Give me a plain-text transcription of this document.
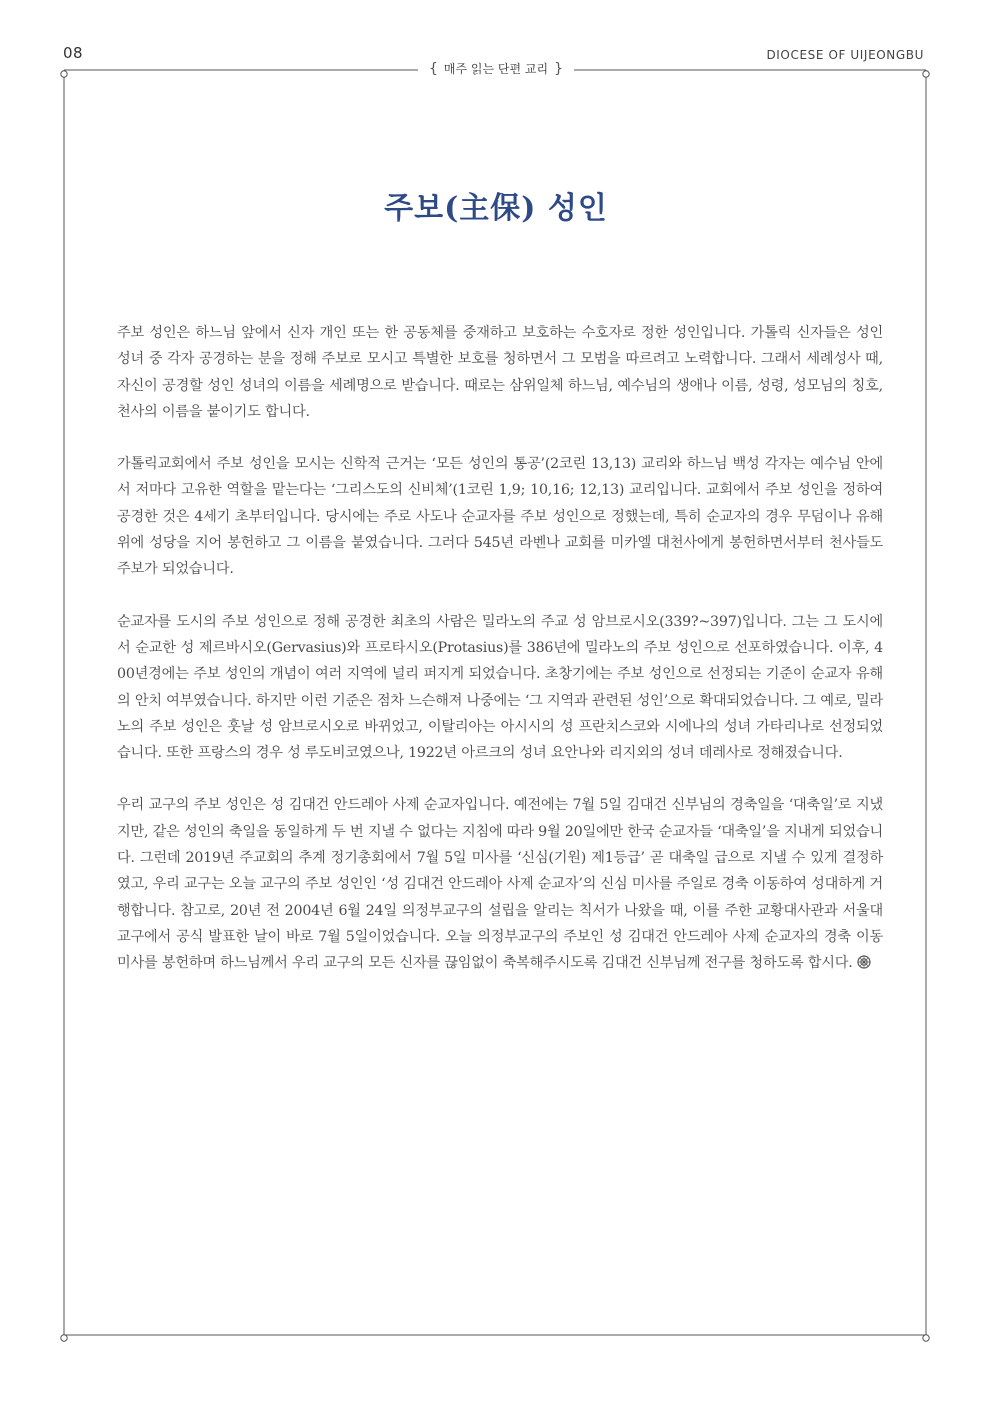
08	DIOCESE OF UIJEONGBU
{ 매주 읽는 단편 교리 }
주보(主保) 성인

주보 성인은 하느님 앞에서 신자 개인 또는 한 공동체를 중재하고 보호하는 수호자로 정한 성인입니다. 가톨릭 신자들은 성인 성녀 중 각자 공경하는 분을 정해 주보로 모시고 특별한 보호를 청하면서 그 모범을 따르려고 노력합니다. 그래서 세례성사 때, 자신이 공경할 성인 성녀의 이름을 세례명으로 받습니다. 때로는 삼위일체 하느님, 예수님의 생애나 이름, 성령, 성모님의 칭호, 천사의 이름을 붙이기도 합니다.

가톨릭교회에서 주보 성인을 모시는 신학적 근거는 ‘모든 성인의 통공’(2코린 13,13) 교리와 하느님 백성 각자는 예수님 안에서 저마다 고유한 역할을 맡는다는 ‘그리스도의 신비체’(1코린 1,9; 10,16; 12,13) 교리입니다. 교회에서 주보 성인을 정하여 공경한 것은 4세기 초부터입니다. 당시에는 주로 사도나 순교자를 주보 성인으로 정했는데, 특히 순교자의 경우 무덤이나 유해 위에 성당을 지어 봉헌하고 그 이름을 붙였습니다. 그러다 545년 라벤나 교회를 미카엘 대천사에게 봉헌하면서부터 천사들도 주보가 되었습니다.

순교자를 도시의 주보 성인으로 정해 공경한 최초의 사람은 밀라노의 주교 성 암브로시오(339?~397)입니다. 그는 그 도시에서 순교한 성 제르바시오(Gervasius)와 프로타시오(Protasius)를 386년에 밀라노의 주보 성인으로 선포하였습니다. 이후, 400년경에는 주보 성인의 개념이 여러 지역에 널리 퍼지게 되었습니다. 초창기에는 주보 성인으로 선정되는 기준이 순교자 유해의 안치 여부였습니다. 하지만 이런 기준은 점차 느슨해져 나중에는 ‘그 지역과 관련된 성인’으로 확대되었습니다. 그 예로, 밀라노의 주보 성인은 훗날 성 암브로시오로 바뀌었고, 이탈리아는 아시시의 성 프란치스코와 시에나의 성녀 가타리나로 선정되었습니다. 또한 프랑스의 경우 성 루도비코였으나, 1922년 아르크의 성녀 요안나와 리지외의 성녀 데레사로 정해졌습니다.

우리 교구의 주보 성인은 성 김대건 안드레아 사제 순교자입니다. 예전에는 7월 5일 김대건 신부님의 경축일을 ‘대축일’로 지냈지만, 같은 성인의 축일을 동일하게 두 번 지낼 수 없다는 지침에 따라 9월 20일에만 한국 순교자들 ‘대축일’을 지내게 되었습니다. 그런데 2019년 주교회의 추계 정기총회에서 7월 5일 미사를 ‘신심(기원) 제1등급’ 곧 대축일 급으로 지낼 수 있게 결정하였고, 우리 교구는 오늘 교구의 주보 성인인 ‘성 김대건 안드레아 사제 순교자’의 신심 미사를 주일로 경축 이동하여 성대하게 거행합니다. 참고로, 20년 전 2004년 6월 24일 의정부교구의 설립을 알리는 칙서가 나왔을 때, 이를 주한 교황대사관과 서울대교구에서 공식 발표한 날이 바로 7월 5일이었습니다. 오늘 의정부교구의 주보인 성 김대건 안드레아 사제 순교자의 경축 이동 미사를 봉헌하며 하느님께서 우리 교구의 모든 신자를 끊임없이 축복해주시도록 김대건 신부님께 전구를 청하도록 합시다.
